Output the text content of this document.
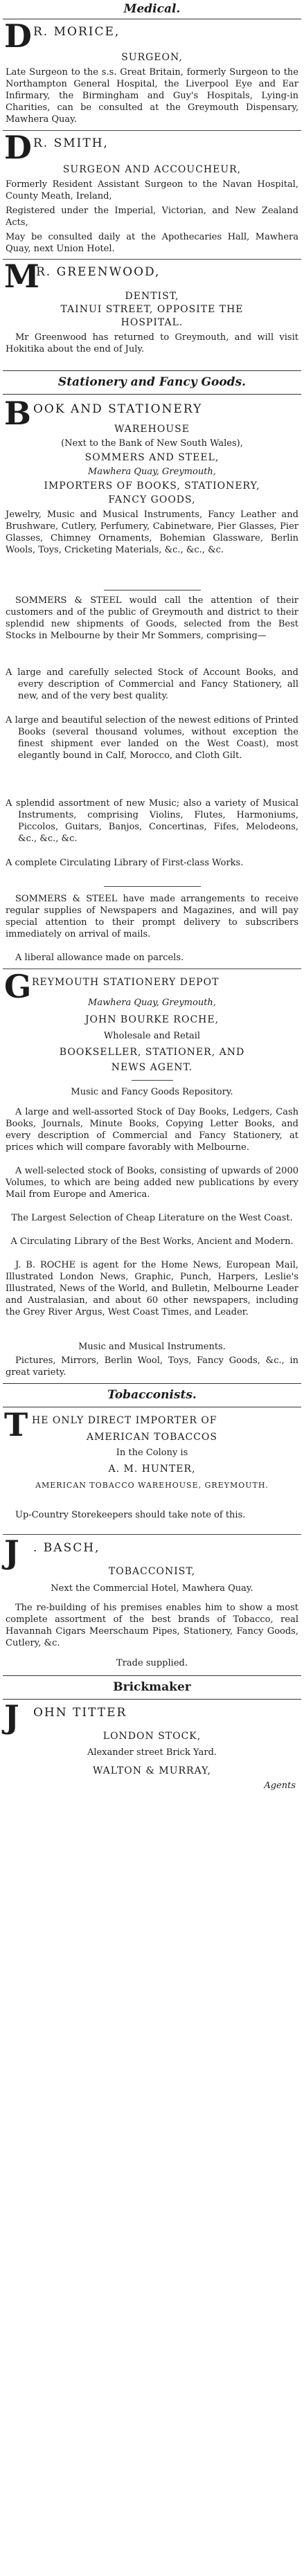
Medical.
D R. MORICE,
SURGEON,
Late Surgeon to the s.s. Great Britain, formerly Surgeon to the Northampton General Hospital, the Liverpool Eye and Ear Infirmary, the Birmingham and Guy's Hospitals, Lying-in Charities, can be consulted at the Greymouth Dispensary, Mawhera Quay.
D R. SMITH,
SURGEON AND ACCOUCHEUR,
Formerly Resident Assistant Surgeon to the Navan Hospital, County Meath, Ireland,
Registered under the Imperial, Victorian, and New Zealand Acts,
May be consulted daily at the Apothecaries Hall, Mawhera Quay, next Union Hotel.
M
R. GREENWOOD,
DENTIST,
TAINUI STREET, OPPOSITE THE
HOSPITAL.
Mr Greenwood has returned to Greymouth, and will visit Hokitika about the end of July.
Stationery and Fancy Goods.
B OOK AND STATIONERY
WAREHOUSE
(Next to the Bank of New South Wales),
SOMMERS AND STEEL,
Mawhera Quay, Greymouth,
IMPORTERS OF BOOKS, STATIONERY,
FANCY GOODS,
Jewelry, Music and Musical Instruments, Fancy Leather and Brushware, Cutlery, Perfumery, Cabinetware, Pier Glasses, Pier Glasses, Chimney Ornaments, Bohemian Glassware, Berlin Wools, Toys, Cricketing Materials, &c., &c., &c.
SOMMERS & STEEL would call the attention of their customers and of the public of Greymouth and district to their splendid new shipments of Goods, selected from the Best Stocks in Melbourne by their Mr Sommers, comprising—
A large and carefully selected Stock of Account Books, and every description of Commercial and Fancy Stationery, all new, and of the very best quality.
A large and beautiful selection of the newest editions of Printed Books (several thousand volumes, without exception the finest shipment ever landed on the West Coast), most elegantly bound in Calf, Morocco, and Cloth Gilt.
A splendid assortment of new Music; also a variety of Musical Instruments, comprising Violins, Flutes, Harmoniums, Piccolos, Guitars, Banjos, Concertinas, Fifes, Melodeons, &c., &c., &c.
A complete Circulating Library of First-class Works.
SOMMERS & STEEL have made arrangements to receive regular supplies of Newspapers and Magazines, and will pay special attention to their prompt delivery to subscribers immediately on arrival of mails.
A liberal allowance made on parcels.
G REYMOUTH STATIONERY DEPOT
Mawhera Quay, Greymouth,
JOHN BOURKE ROCHE,
Wholesale and Retail
BOOKSELLER, STATIONER, AND
NEWS AGENT.
Music and Fancy Goods Repository.
A large and well-assorted Stock of Day Books, Ledgers, Cash Books, Journals, Minute Books, Copying Letter Books, and every description of Commercial and Fancy Stationery, at prices which will compare favorably with Melbourne.
A well-selected stock of Books, consisting of upwards of 2000 Volumes, to which are being added new publications by every Mail from Europe and America.
The Largest Selection of Cheap Literature on the West Coast.
A Circulating Library of the Best Works, Ancient and Modern.
J. B. ROCHE is agent for the Home News, European Mail, Illustrated London News, Graphic, Punch, Harpers, Leslie's Illustrated, News of the World, and Bulletin, Melbourne Leader and Australasian, and about 60 other newspapers, including the Grey River Argus, West Coast Times, and Leader.
Music and Musical Instruments.
Pictures, Mirrors, Berlin Wool, Toys, Fancy Goods, &c., in great variety.
Tobacconists.
T HE ONLY DIRECT IMPORTER OF
AMERICAN TOBACCOS
In the Colony is
A. M. HUNTER,
AMERICAN TOBACCO WAREHOUSE, GREYMOUTH.
Up-Country Storekeepers should take note of this.
J . BASCH,
TOBACCONIST,
Next the Commercial Hotel, Mawhera Quay.
The re-building of his premises enables him to show a most complete assortment of the best brands of Tobacco, real Havannah Cigars Meerschaum Pipes, Stationery, Fancy Goods, Cutlery, &c.
Trade supplied.
Brickmaker
J OHN TITTER
LONDON STOCK,
Alexander street Brick Yard.
WALTON & MURRAY,
Agents
